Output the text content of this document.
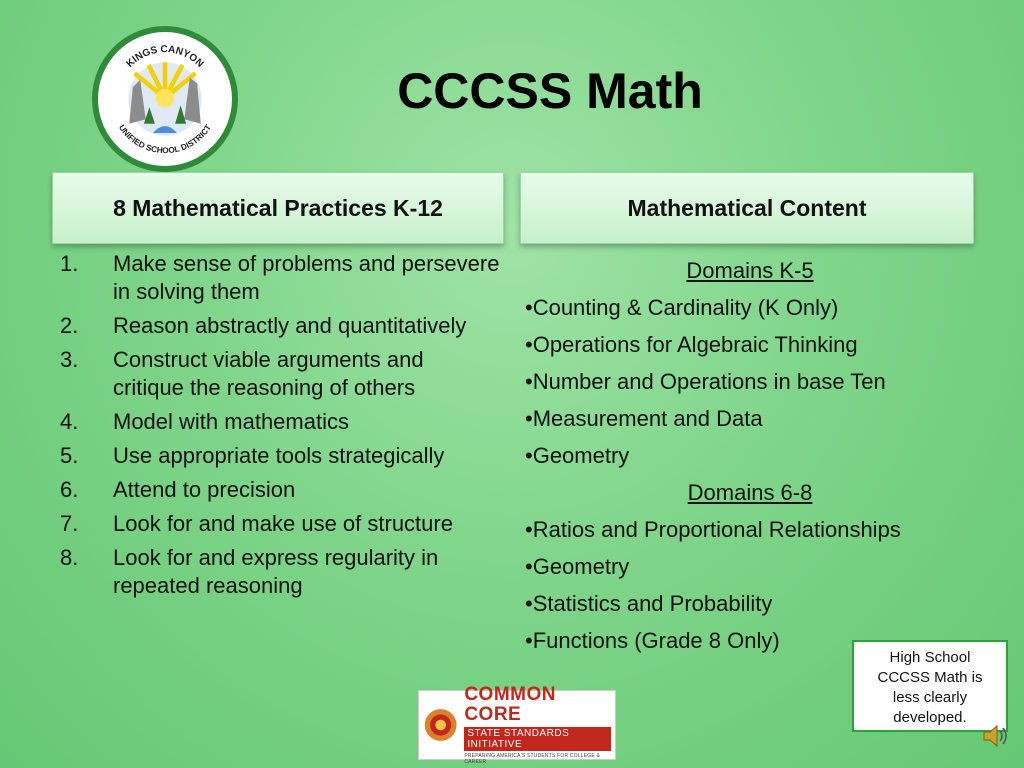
KINGS CANYON
UNIFIED SCHOOL DISTRICT
CCCSS Math
8 Mathematical Practices K-12	Mathematical Content
1.	Make sense of problems and persevere in solving them
2.	Reason abstractly and quantitatively
3.	Construct viable arguments and critique the reasoning of others
4.	Model with mathematics
5.	Use appropriate tools strategically
6.	Attend to precision
7.	Look for and make use of structure
8.	Look for and express regularity in repeated reasoning
Domains K-5
•Counting & Cardinality (K Only)
•Operations for Algebraic Thinking
•Number and Operations in base Ten
•Measurement and Data
•Geometry
Domains 6-8
•Ratios and Proportional Relationships
•Geometry
•Statistics and Probability
•Functions (Grade 8 Only)
High School
CCCSS Math is
less clearly
developed.
COMMON CORE
STATE STANDARDS INITIATIVE
PREPARING AMERICA'S STUDENTS FOR COLLEGE & CAREER
